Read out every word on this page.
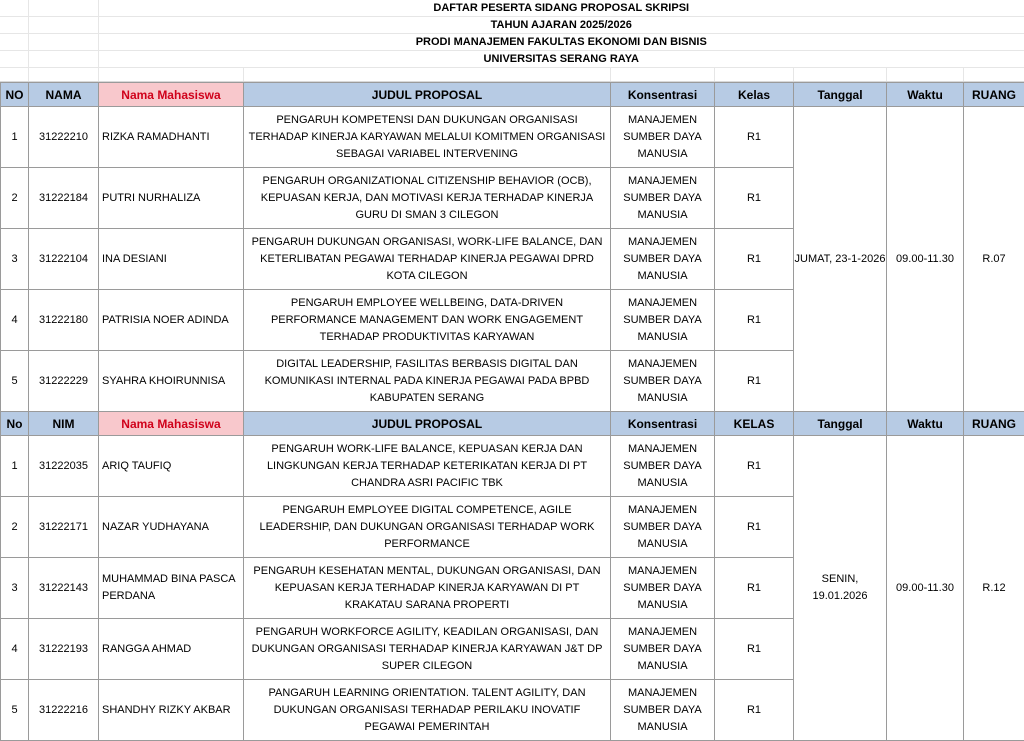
		DAFTAR PESERTA SIDANG PROPOSAL SKRIPSI
		TAHUN AJARAN 2025/2026
		PRODI MANAJEMEN FAKULTAS EKONOMI DAN BISNIS
		UNIVERSITAS SERANG RAYA

NO	NAMA	Nama Mahasiswa	JUDUL PROPOSAL	Konsentrasi	Kelas	Tanggal	Waktu	RUANG
1	31222210	RIZKA RAMADHANTI	PENGARUH KOMPETENSI DAN DUKUNGAN ORGANISASI TERHADAP KINERJA KARYAWAN MELALUI KOMITMEN ORGANISASI SEBAGAI VARIABEL INTERVENING	MANAJEMEN SUMBER DAYA MANUSIA	R1	JUMAT, 23-1-2026	09.00-11.30	R.07
2	31222184	PUTRI NURHALIZA	PENGARUH ORGANIZATIONAL CITIZENSHIP BEHAVIOR (OCB), KEPUASAN KERJA, DAN MOTIVASI KERJA TERHADAP KINERJA GURU DI SMAN 3 CILEGON	MANAJEMEN SUMBER DAYA MANUSIA	R1			
3	31222104	INA DESIANI	PENGARUH DUKUNGAN ORGANISASI, WORK-LIFE BALANCE, DAN KETERLIBATAN PEGAWAI TERHADAP KINERJA PEGAWAI DPRD KOTA CILEGON	MANAJEMEN SUMBER DAYA MANUSIA	R1			
4	31222180	PATRISIA NOER ADINDA	PENGARUH EMPLOYEE WELLBEING, DATA-DRIVEN PERFORMANCE MANAGEMENT DAN WORK ENGAGEMENT TERHADAP PRODUKTIVITAS KARYAWAN	MANAJEMEN SUMBER DAYA MANUSIA	R1			
5	31222229	SYAHRA KHOIRUNNISA	DIGITAL LEADERSHIP, FASILITAS BERBASIS DIGITAL DAN KOMUNIKASI INTERNAL PADA KINERJA PEGAWAI PADA BPBD KABUPATEN SERANG	MANAJEMEN SUMBER DAYA MANUSIA	R1			
No	NIM	Nama Mahasiswa	JUDUL PROPOSAL	Konsentrasi	KELAS	Tanggal	Waktu	RUANG
1	31222035	ARIQ TAUFIQ	PENGARUH WORK-LIFE BALANCE, KEPUASAN KERJA DAN LINGKUNGAN KERJA TERHADAP KETERIKATAN KERJA DI PT CHANDRA ASRI PACIFIC TBK	MANAJEMEN SUMBER DAYA MANUSIA	R1	SENIN, 19.01.2026	09.00-11.30	R.12
2	31222171	NAZAR YUDHAYANA	PENGARUH EMPLOYEE DIGITAL COMPETENCE, AGILE LEADERSHIP, DAN DUKUNGAN ORGANISASI TERHADAP WORK PERFORMANCE	MANAJEMEN SUMBER DAYA MANUSIA	R1			
3	31222143	MUHAMMAD BINA PASCA PERDANA	PENGARUH KESEHATAN MENTAL, DUKUNGAN ORGANISASI, DAN KEPUASAN KERJA TERHADAP KINERJA KARYAWAN DI PT KRAKATAU SARANA PROPERTI	MANAJEMEN SUMBER DAYA MANUSIA	R1			
4	31222193	RANGGA AHMAD	PENGARUH WORKFORCE AGILITY, KEADILAN ORGANISASI, DAN DUKUNGAN ORGANISASI TERHADAP KINERJA KARYAWAN J&T DP SUPER CILEGON	MANAJEMEN SUMBER DAYA MANUSIA	R1			
5	31222216	SHANDHY RIZKY AKBAR	PANGARUH LEARNING ORIENTATION. TALENT AGILITY, DAN DUKUNGAN ORGANISASI TERHADAP PERILAKU INOVATIF PEGAWAI PEMERINTAH	MANAJEMEN SUMBER DAYA MANUSIA	R1			
